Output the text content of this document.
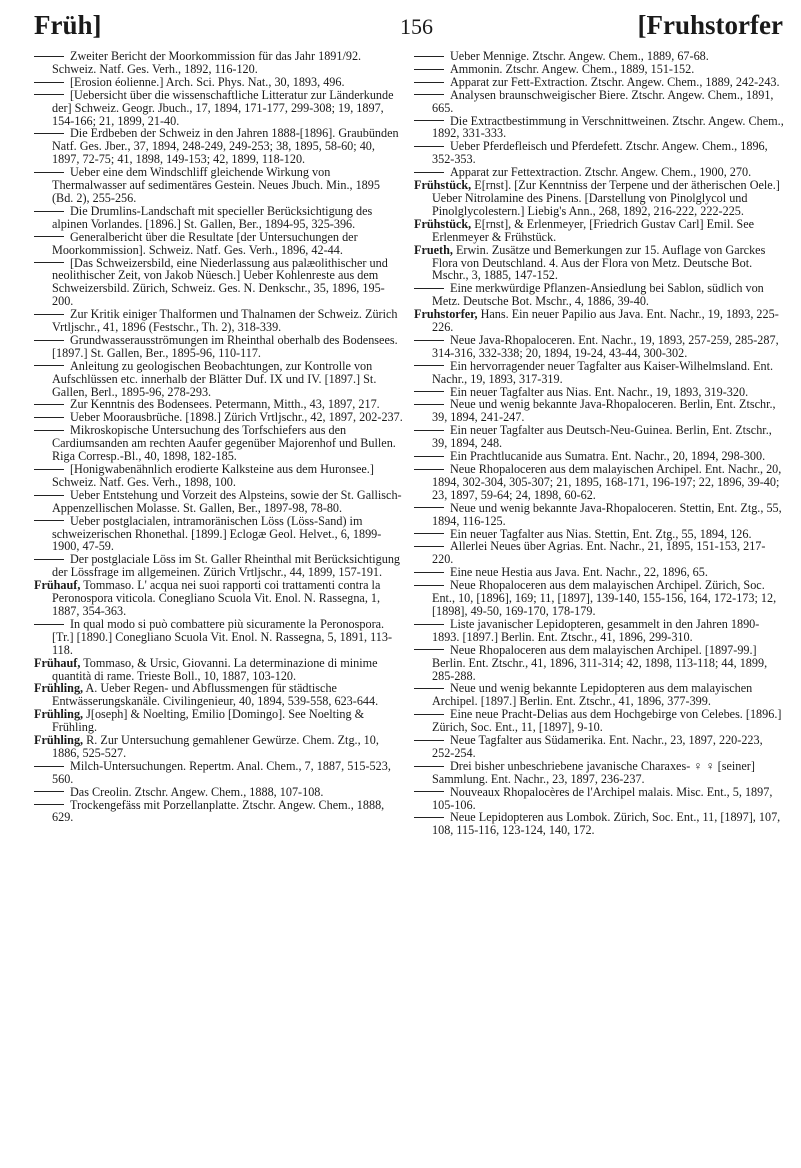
Früh]	156	[Fruhstorfer

Zweiter Bericht der Moorkommission für das Jahr 1891/92. Schweiz. Natf. Ges. Verh., 1892, 116-120.

[Erosion éolienne.] Arch. Sci. Phys. Nat., 30, 1893, 496.

[Uebersicht über die wissenschaftliche Litteratur zur Länderkunde der] Schweiz. Geogr. Jbuch., 17, 1894, 171-177, 299-308; 19, 1897, 154-166; 21, 1899, 21-40.

Die Erdbeben der Schweiz in den Jahren 1888-[1896]. Graubünden Natf. Ges. Jber., 37, 1894, 248-249, 249-253; 38, 1895, 58-60; 40, 1897, 72-75; 41, 1898, 149-153; 42, 1899, 118-120.

Ueber eine dem Windschliff gleichende Wirkung von Thermalwasser auf sedimentäres Gestein. Neues Jbuch. Min., 1895 (Bd. 2), 255-256.

Die Drumlins-Landschaft mit specieller Berücksichtigung des alpinen Vorlandes. [1896.] St. Gallen, Ber., 1894-95, 325-396.

Generalbericht über die Resultate [der Untersuchungen der Moorkommission]. Schweiz. Natf. Ges. Verh., 1896, 42-44.

[Das Schweizersbild, eine Niederlassung aus palæolithischer und neolithischer Zeit, von Jakob Nüesch.] Ueber Kohlenreste aus dem Schweizersbild. Zürich, Schweiz. Ges. N. Denkschr., 35, 1896, 195-200.

Zur Kritik einiger Thalformen und Thalnamen der Schweiz. Zürich Vrtljschr., 41, 1896 (Festschr., Th. 2), 318-339.

Grundwasserausströmungen im Rheinthal oberhalb des Bodensees. [1897.] St. Gallen, Ber., 1895-96, 110-117.

Anleitung zu geologischen Beobachtungen, zur Kontrolle von Aufschlüssen etc. innerhalb der Blätter Duf. IX und IV. [1897.] St. Gallen, Berl., 1895-96, 278-293.

Zur Kenntnis des Bodensees. Petermann, Mitth., 43, 1897, 217.

Ueber Moorausbrüche. [1898.] Zürich Vrtljschr., 42, 1897, 202-237.

Mikroskopische Untersuchung des Torfschiefers aus den Cardiumsanden am rechten Aaufer gegenüber Majorenhof und Bullen. Riga Corresp.-Bl., 40, 1898, 182-185.

[Honigwabenähnlich erodierte Kalksteine aus dem Huronsee.] Schweiz. Natf. Ges. Verh., 1898, 100.

Ueber Entstehung und Vorzeit des Alpsteins, sowie der St. Gallisch-Appenzellischen Molasse. St. Gallen, Ber., 1897-98, 78-80.

Ueber postglacialen, intramoränischen Löss (Löss-Sand) im schweizerischen Rhonethal. [1899.] Eclogæ Geol. Helvet., 6, 1899-1900, 47-59.

Der postglaciale Löss im St. Galler Rheinthal mit Berücksichtigung der Lössfrage im allgemeinen. Zürich Vrtljschr., 44, 1899, 157-191.

Frühauf, Tommaso. L' acqua nei suoi rapporti coi trattamenti contra la Peronospora viticola. Conegliano Scuola Vit. Enol. N. Rassegna, 1, 1887, 354-363.

In qual modo si può combattere più sicuramente la Peronospora. [Tr.] [1890.] Conegliano Scuola Vit. Enol. N. Rassegna, 5, 1891, 113-118.

Frühauf, Tommaso, & Ursic, Giovanni. La determinazione di minime quantità di rame. Trieste Boll., 10, 1887, 103-120.

Frühling, A. Ueber Regen- und Abflussmengen für städtische Entwässerungskanäle. Civilingenieur, 40, 1894, 539-558, 623-644.

Frühling, J[oseph] & Noelting, Emilio [Domingo]. See Noelting & Frühling.

Frühling, R. Zur Untersuchung gemahlener Gewürze. Chem. Ztg., 10, 1886, 525-527.

Milch-Untersuchungen. Repertm. Anal. Chem., 7, 1887, 515-523, 560.

Das Creolin. Ztschr. Angew. Chem., 1888, 107-108.

Trockengefäss mit Porzellanplatte. Ztschr. Angew. Chem., 1888, 629.

Ueber Mennige. Ztschr. Angew. Chem., 1889, 67-68.

Ammonin. Ztschr. Angew. Chem., 1889, 151-152.

Apparat zur Fett-Extraction. Ztschr. Angew. Chem., 1889, 242-243.

Analysen braunschweigischer Biere. Ztschr. Angew. Chem., 1891, 665.

Die Extractbestimmung in Verschnittweinen. Ztschr. Angew. Chem., 1892, 331-333.

Ueber Pferdefleisch und Pferdefett. Ztschr. Angew. Chem., 1896, 352-353.

Apparat zur Fettextraction. Ztschr. Angew. Chem., 1900, 270.

Frühstück, E[rnst]. [Zur Kenntniss der Terpene und der ätherischen Oele.] Ueber Nitrolamine des Pinens. [Darstellung von Pinolglycol und Pinolglycolestern.] Liebig's Ann., 268, 1892, 216-222, 222-225.

Frühstück, E[rnst], & Erlenmeyer, [Friedrich Gustav Carl] Emil. See Erlenmeyer & Frühstück.

Frueth, Erwin. Zusätze und Bemerkungen zur 15. Auflage von Garckes Flora von Deutschland. 4. Aus der Flora von Metz. Deutsche Bot. Mschr., 3, 1885, 147-152.

Eine merkwürdige Pflanzen-Ansiedlung bei Sablon, südlich von Metz. Deutsche Bot. Mschr., 4, 1886, 39-40.

Fruhstorfer, Hans. Ein neuer Papilio aus Java. Ent. Nachr., 19, 1893, 225-226.

Neue Java-Rhopaloceren. Ent. Nachr., 19, 1893, 257-259, 285-287, 314-316, 332-338; 20, 1894, 19-24, 43-44, 300-302.

Ein hervorragender neuer Tagfalter aus Kaiser-Wilhelmsland. Ent. Nachr., 19, 1893, 317-319.

Ein neuer Tagfalter aus Nias. Ent. Nachr., 19, 1893, 319-320.

Neue und wenig bekannte Java-Rhopaloceren. Berlin, Ent. Ztschr., 39, 1894, 241-247.

Ein neuer Tagfalter aus Deutsch-Neu-Guinea. Berlin, Ent. Ztschr., 39, 1894, 248.

Ein Prachtlucanide aus Sumatra. Ent. Nachr., 20, 1894, 298-300.

Neue Rhopaloceren aus dem malayischen Archipel. Ent. Nachr., 20, 1894, 302-304, 305-307; 21, 1895, 168-171, 196-197; 22, 1896, 39-40; 23, 1897, 59-64; 24, 1898, 60-62.

Neue und wenig bekannte Java-Rhopaloceren. Stettin, Ent. Ztg., 55, 1894, 116-125.

Ein neuer Tagfalter aus Nias. Stettin, Ent. Ztg., 55, 1894, 126.

Allerlei Neues über Agrias. Ent. Nachr., 21, 1895, 151-153, 217-220.

Eine neue Hestia aus Java. Ent. Nachr., 22, 1896, 65.

Neue Rhopaloceren aus dem malayischen Archipel. Zürich, Soc. Ent., 10, [1896], 169; 11, [1897], 139-140, 155-156, 164, 172-173; 12, [1898], 49-50, 169-170, 178-179.

Liste javanischer Lepidopteren, gesammelt in den Jahren 1890-1893. [1897.] Berlin. Ent. Ztschr., 41, 1896, 299-310.

Neue Rhopaloceren aus dem malayischen Archipel. [1897-99.] Berlin. Ent. Ztschr., 41, 1896, 311-314; 42, 1898, 113-118; 44, 1899, 285-288.

Neue und wenig bekannte Lepidopteren aus dem malayischen Archipel. [1897.] Berlin. Ent. Ztschr., 41, 1896, 377-399.

Eine neue Pracht-Delias aus dem Hochgebirge von Celebes. [1896.] Zürich, Soc. Ent., 11, [1897], 9-10.

Neue Tagfalter aus Südamerika. Ent. Nachr., 23, 1897, 220-223, 252-254.

Drei bisher unbeschriebene javanische Charaxes- ♀ ♀ [seiner] Sammlung. Ent. Nachr., 23, 1897, 236-237.

Nouveaux Rhopalocères de l'Archipel malais. Misc. Ent., 5, 1897, 105-106.

Neue Lepidopteren aus Lombok. Zürich, Soc. Ent., 11, [1897], 107, 108, 115-116, 123-124, 140, 172.
